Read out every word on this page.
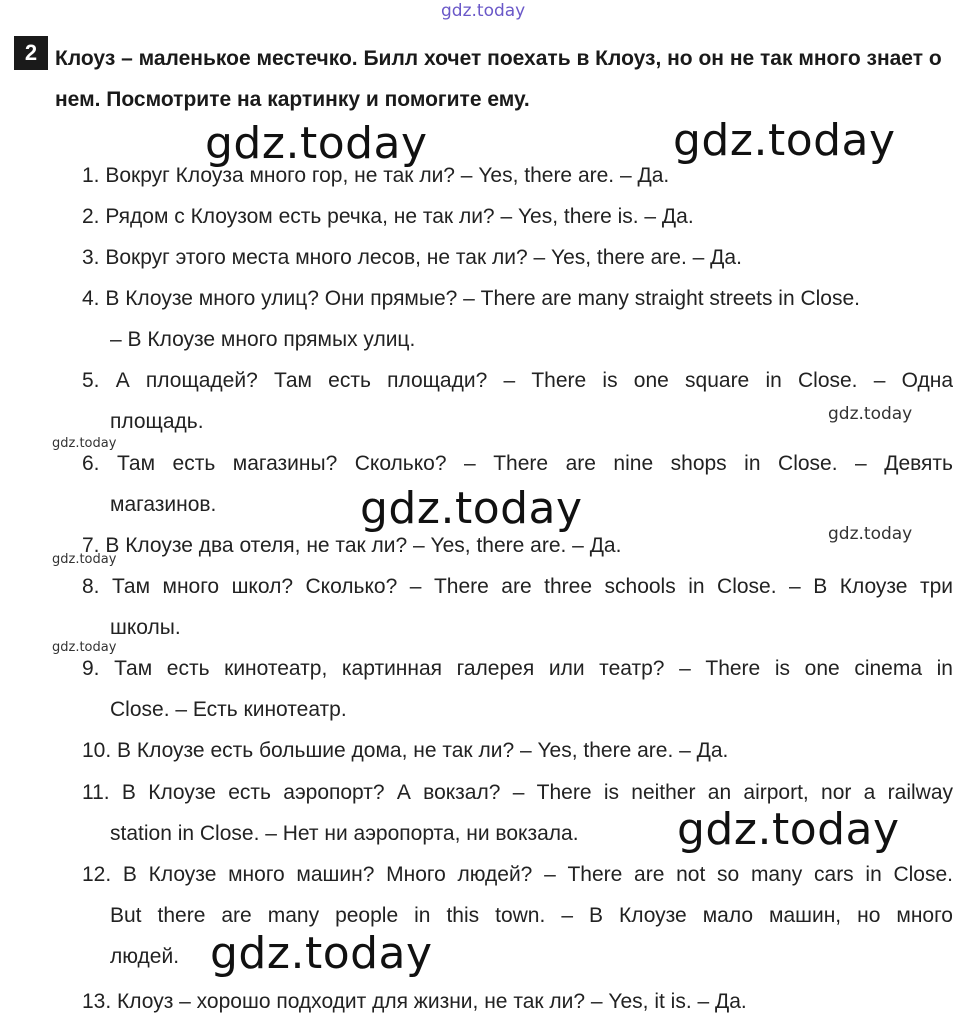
gdz.today
2 Клоуз – маленькое местечко. Билл хочет поехать в Клоуз, но он не так много знает о нем. Посмотрите на картинку и помогите ему.

1. Вокруг Клоуза много гор, не так ли? – Yes, there are. – Да.
2. Рядом с Клоузом есть речка, не так ли? – Yes, there is. – Да.
3. Вокруг этого места много лесов, не так ли? – Yes, there are. – Да.
4. В Клоузе много улиц? Они прямые? – There are many straight streets in Close.
– В Клоузе много прямых улиц.
5. А площадей? Там есть площади? – There is one square in Close. – Одна
площадь.
6. Там есть магазины? Сколько? – There are nine shops in Close. – Девять
магазинов.
7. В Клоузе два отеля, не так ли? – Yes, there are. – Да.
8. Там много школ? Сколько? – There are three schools in Close. – В Клоузе три
школы.
9. Там есть кинотеатр, картинная галерея или театр? – There is one cinema in
Close. – Есть кинотеатр.
10. В Клоузе есть большие дома, не так ли? – Yes, there are. – Да.
11. В Клоузе есть аэропорт? А вокзал? – There is neither an airport, nor a railway
station in Close. – Нет ни аэропорта, ни вокзала.
12. В Клоузе много машин? Много людей? – There are not so many cars in Close.
But there are many people in this town. – В Клоузе мало машин, но много
людей.
13. Клоуз – хорошо подходит для жизни, не так ли? – Yes, it is. – Да.
gdz.today	gdz.today
gdz.today
gdz.today
gdz.today
gdz.today
gdz.today
gdz.today
gdz.today
gdz.today
